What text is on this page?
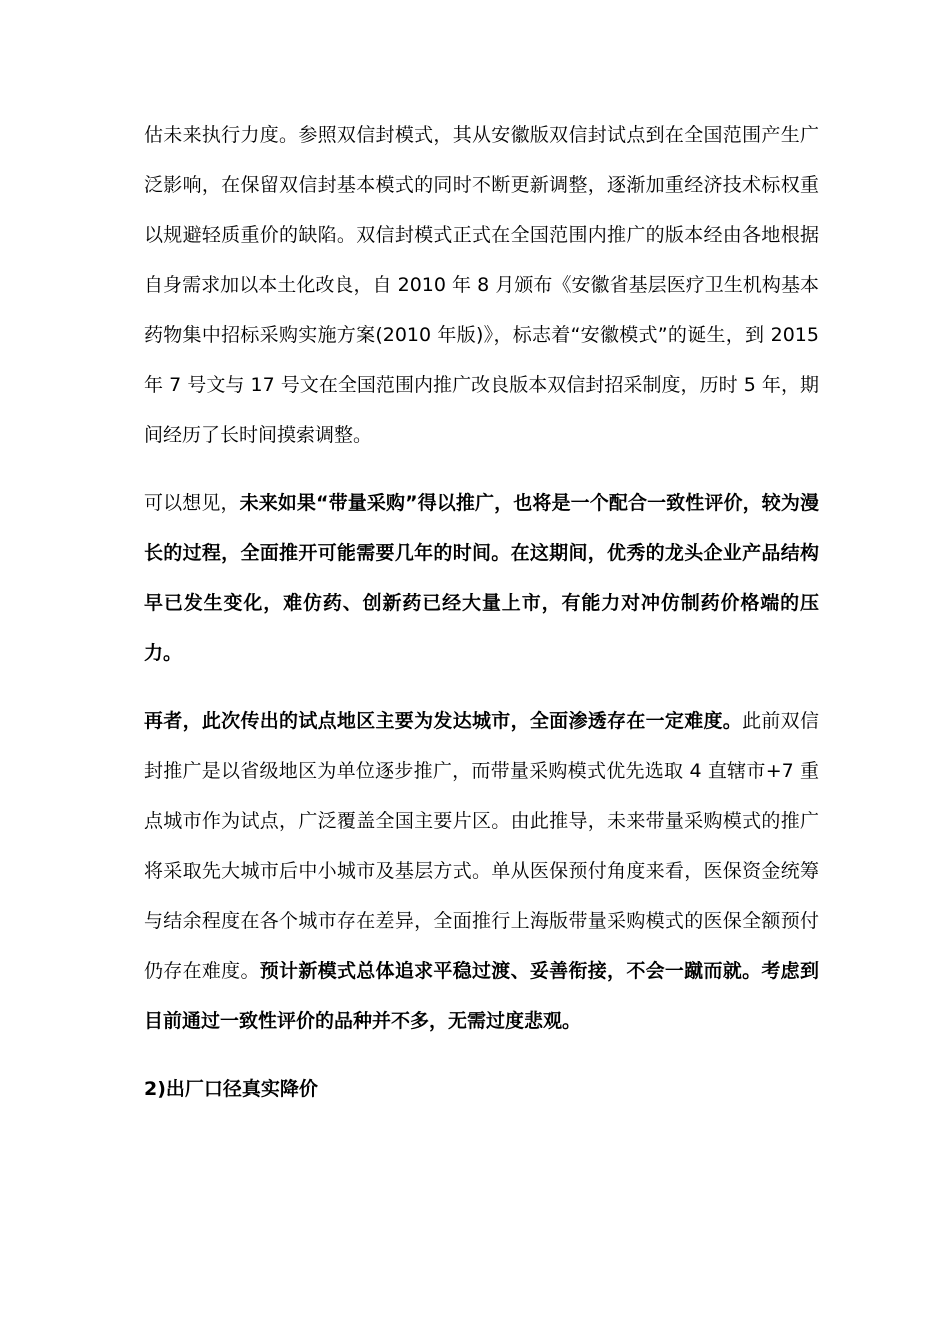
估未来执行力度。参照双信封模式，其从安徽版双信封试点到在全国范围产生广泛影响，在保留双信封基本模式的同时不断更新调整，逐渐加重经济技术标权重以规避轻质重价的缺陷。双信封模式正式在全国范围内推广的版本经由各地根据自身需求加以本土化改良，自 2010 年 8 月颁布《安徽省基层医疗卫生机构基本药物集中招标采购实施方案(2010 年版)》，标志着“安徽模式”的诞生，到 2015 年 7 号文与 17 号文在全国范围内推广改良版本双信封招采制度，历时 5 年，期间经历了长时间摸索调整。

可以想见，未来如果“带量采购”得以推广，也将是一个配合一致性评价，较为漫长的过程，全面推开可能需要几年的时间。在这期间，优秀的龙头企业产品结构早已发生变化，难仿药、创新药已经大量上市，有能力对冲仿制药价格端的压力。

再者，此次传出的试点地区主要为发达城市，全面渗透存在一定难度。此前双信封推广是以省级地区为单位逐步推广，而带量采购模式优先选取 4 直辖市+7 重点城市作为试点，广泛覆盖全国主要片区。由此推导，未来带量采购模式的推广将采取先大城市后中小城市及基层方式。单从医保预付角度来看，医保资金统筹与结余程度在各个城市存在差异，全面推行上海版带量采购模式的医保全额预付仍存在难度。预计新模式总体追求平稳过渡、妥善衔接，不会一蹴而就。考虑到目前通过一致性评价的品种并不多，无需过度悲观。

2)出厂口径真实降价
